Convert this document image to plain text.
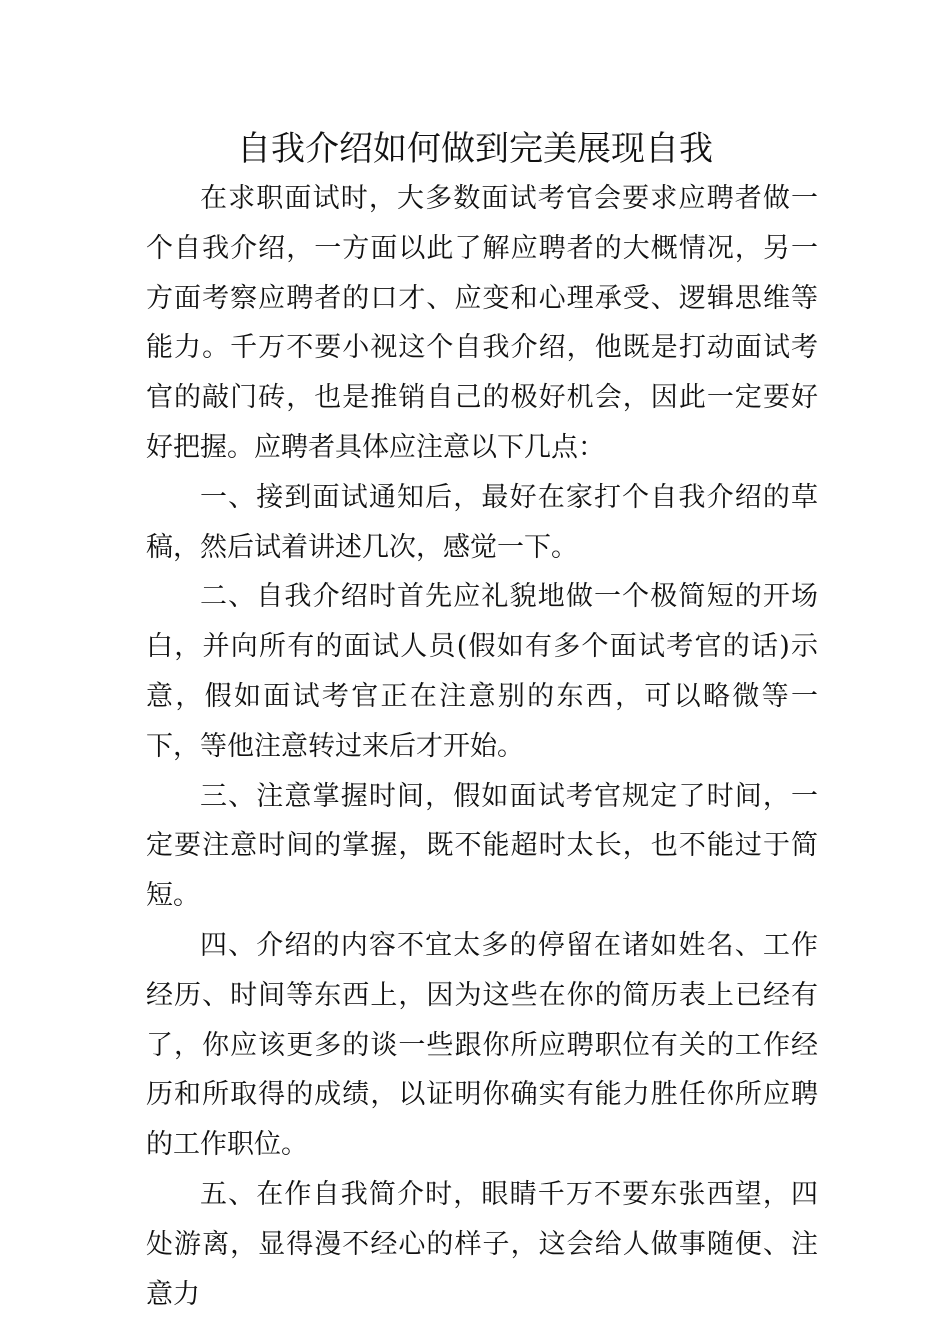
自我介绍如何做到完美展现自我

在求职面试时，大多数面试考官会要求应聘者做一个自我介绍，一方面以此了解应聘者的大概情况，另一方面考察应聘者的口才、应变和心理承受、逻辑思维等能力。千万不要小视这个自我介绍，他既是打动面试考官的敲门砖，也是推销自己的极好机会，因此一定要好好把握。应聘者具体应注意以下几点：

一、接到面试通知后，最好在家打个自我介绍的草稿，然后试着讲述几次，感觉一下。

二、自我介绍时首先应礼貌地做一个极简短的开场白，并向所有的面试人员(假如有多个面试考官的话)示意，假如面试考官正在注意别的东西，可以略微等一下，等他注意转过来后才开始。

三、注意掌握时间，假如面试考官规定了时间，一定要注意时间的掌握，既不能超时太长，也不能过于简短。

四、介绍的内容不宜太多的停留在诸如姓名、工作经历、时间等东西上，因为这些在你的简历表上已经有了，你应该更多的谈一些跟你所应聘职位有关的工作经历和所取得的成绩，以证明你确实有能力胜任你所应聘的工作职位。

五、在作自我简介时，眼睛千万不要东张西望，四处游离，显得漫不经心的样子，这会给人做事随便、注意力
